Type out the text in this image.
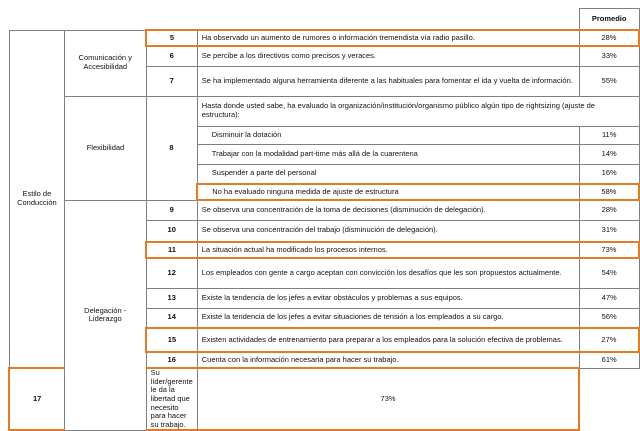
				Promedio
Estilo de Conducción	Comunicación y Accesibilidad	5	Ha observado un aumento de rumores o información tremendista vía radio pasillo.	28%
		6	Se percibe a los directivos como precisos y veraces.	33%
		7	Se ha implementado alguna herramienta diferente a las habituales para fomentar el ida y vuelta de información.	55%
	Flexibilidad	8	Hasta donde usted sabe, ha evaluado la organización/institución/organismo público algún tipo de rightsizing (ajuste de estructura):	
			Disminuir la dotación	11%
			Trabajar con la modalidad part-time más allá de la cuarentena	14%
			Suspender a parte del personal	16%
			No ha evaluado ninguna medida de ajuste de estructura	58%
	Delegación - Liderazgo	9	Se observa una concentración de la toma de decisiones (disminución de delegación).	28%
		10	Se observa una concentración del trabajo (disminución de delegación).	31%
		11	La situación actual ha modificado los procesos internos.	73%
		12	Los empleados con gente a cargo aceptan con convicción los desafíos que les son propuestos actualmente.	54%
		13	Existe la tendencia de los jefes a evitar obstáculos y problemas a sus equipos.	47%
		14	Existe la tendencia de los jefes a evitar situaciones de tensión a los empleados a su cargo.	56%
		15	Existen actividades de entrenamiento para preparar a los empleados para la solución efectiva de problemas.	27%
		16	Cuenta con la información necesaria para hacer su trabajo.	61%
17		Su líder/gerente le da la libertad que necesito para hacer su trabajo.	73%	
